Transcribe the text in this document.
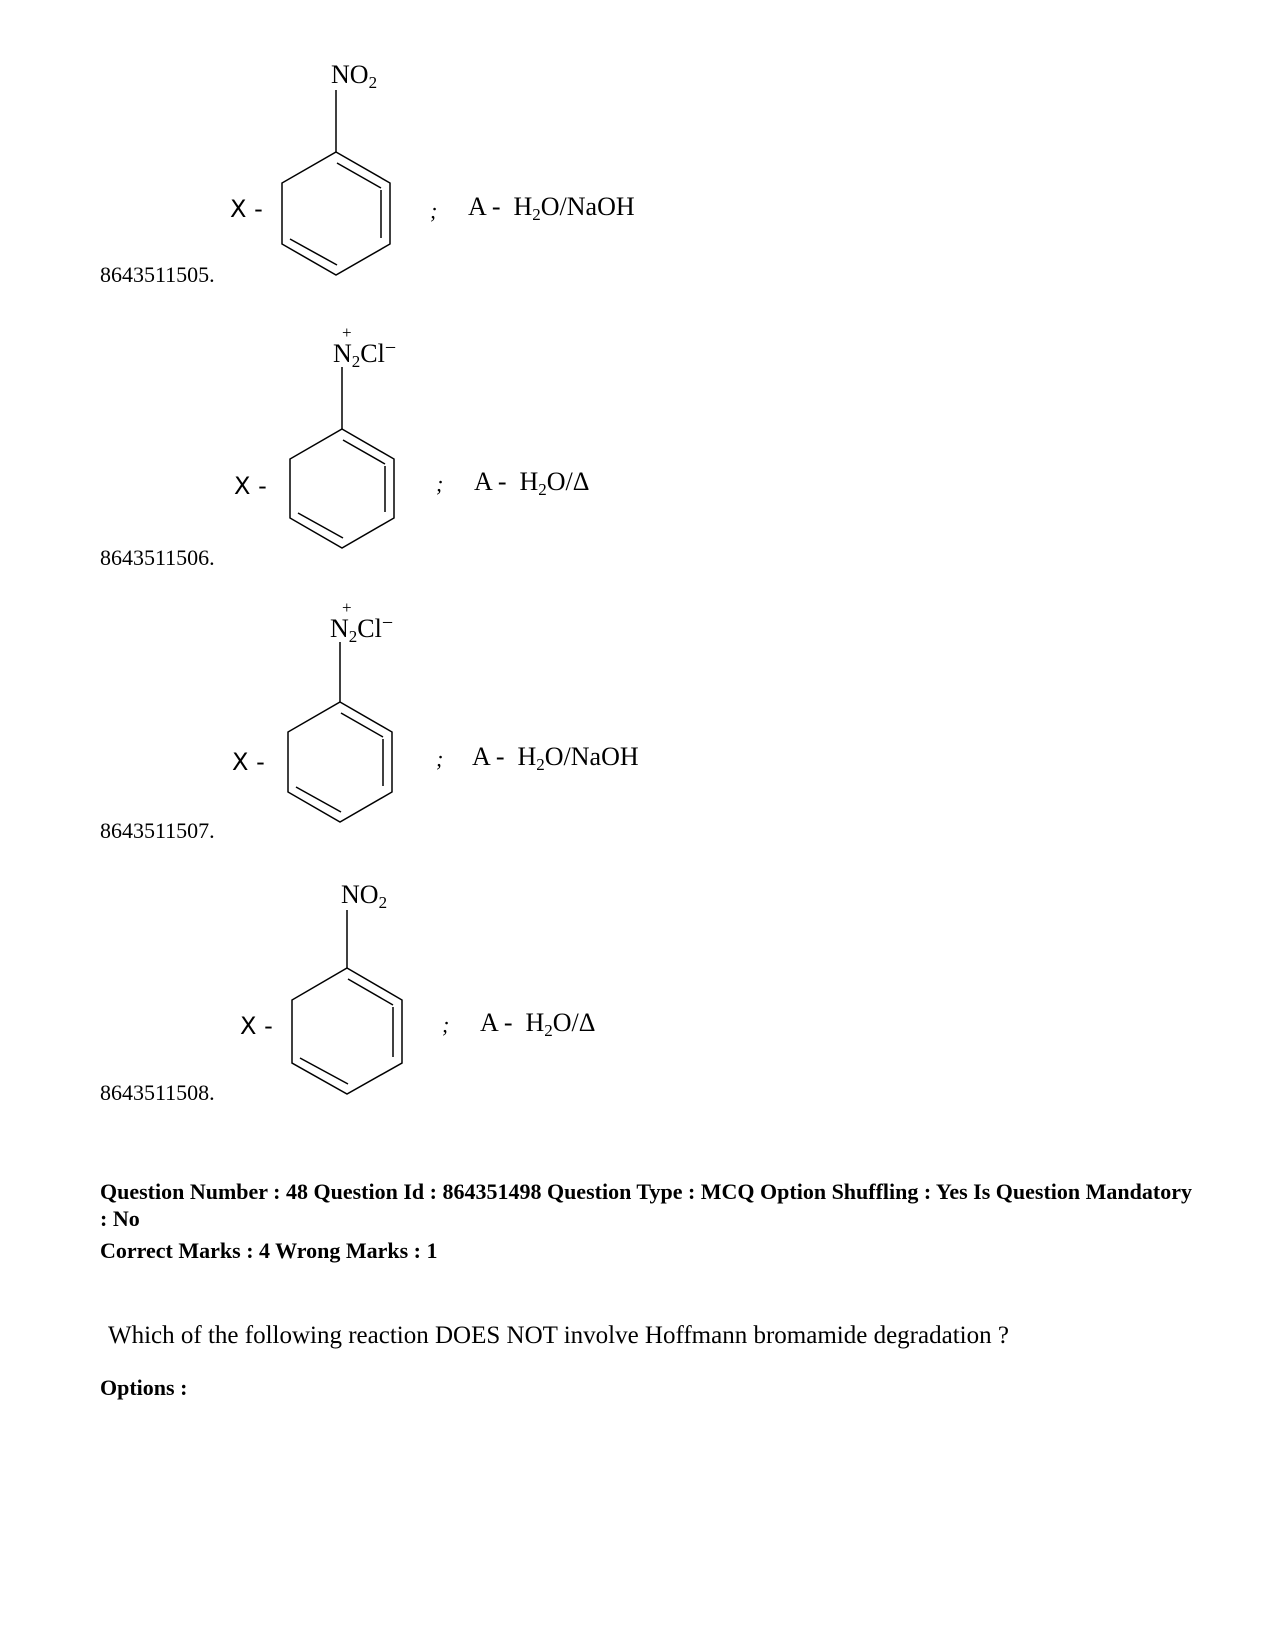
$NO_2$
X -	; A - $H_2O$/NaOH
8643511505.
+
$N_2Cl^-$
X -	; A - $H_2O/\Delta$
8643511506.
+
$N_2Cl^-$
X -	; A - $H_2O$/NaOH
8643511507.
$NO_2$
X -	; A - $H_2O/\Delta$
8643511508.
Question Number : 48 Question Id : 864351498 Question Type : MCQ Option Shuffling : Yes Is Question Mandatory : No
Correct Marks : 4 Wrong Marks : 1
Which of the following reaction DOES NOT involve Hoffmann bromamide degradation ?
Options :
